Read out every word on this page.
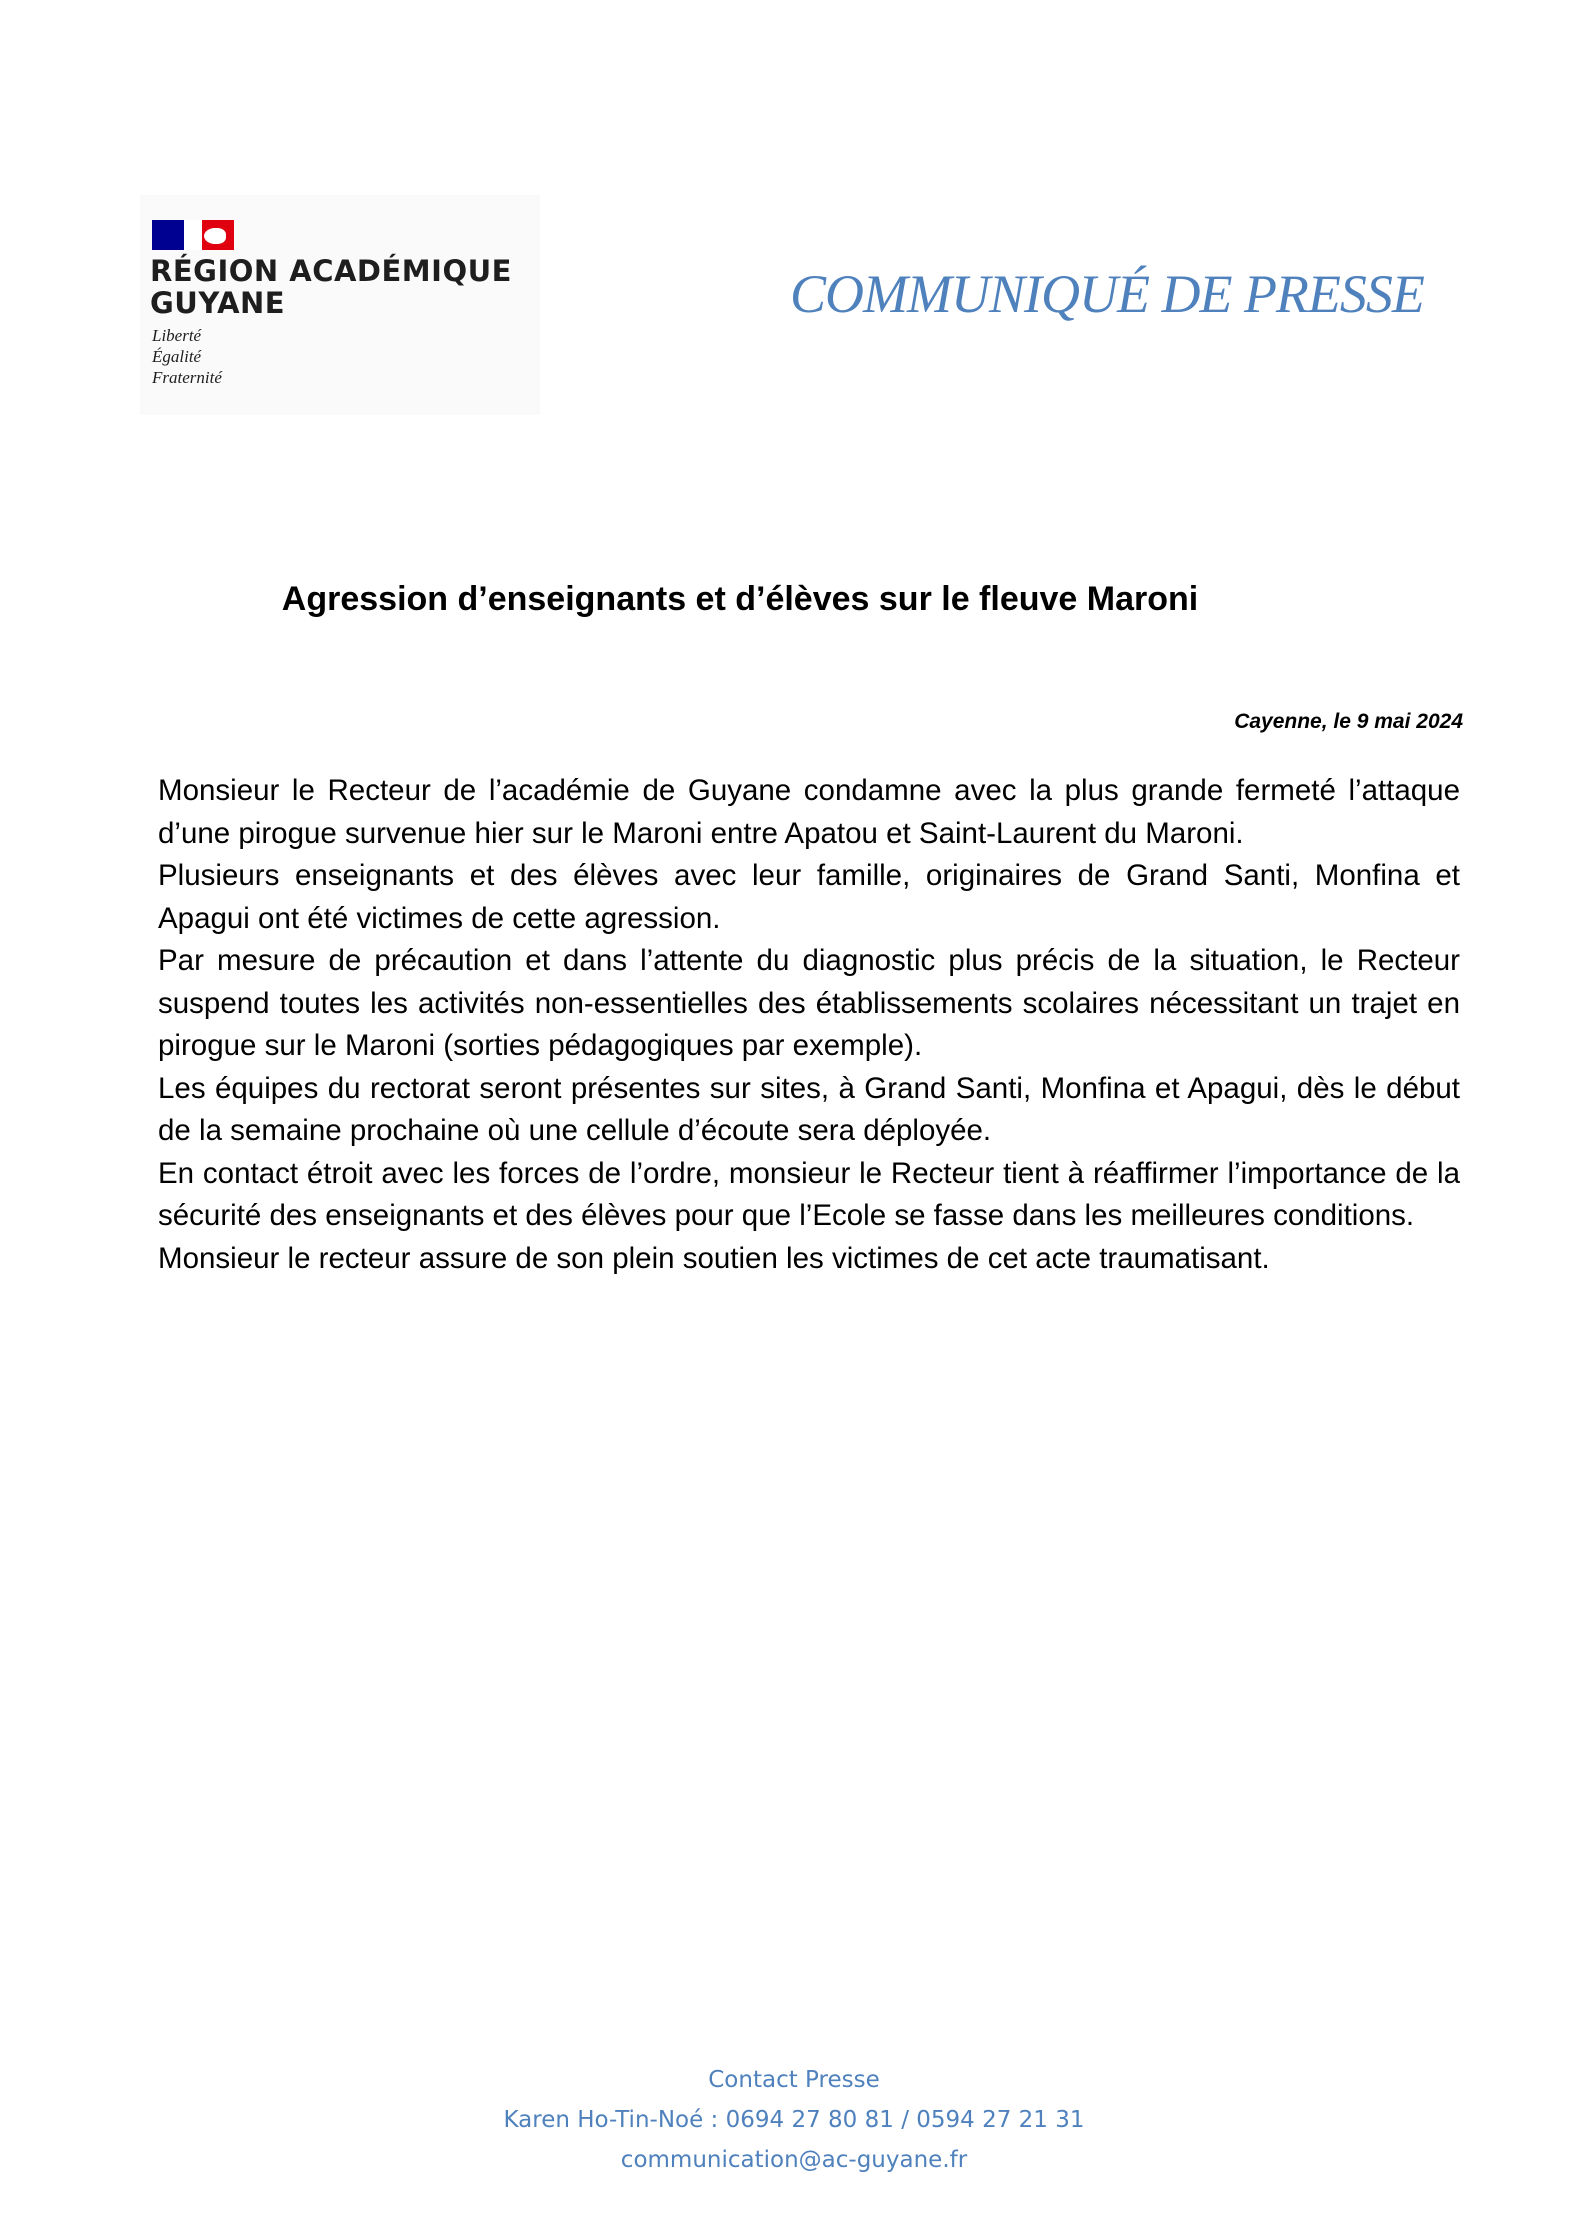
RÉGION ACADÉMIQUE
GUYANE
Liberté
Égalité
Fraternité
COMMUNIQUÉ DE PRESSE
Agression d’enseignants et d’élèves sur le fleuve Maroni
Cayenne, le 9 mai 2024

Monsieur le Recteur de l’académie de Guyane condamne avec la plus grande fermeté l’attaque d’une pirogue survenue hier sur le Maroni entre Apatou et Saint-Laurent du Maroni.

Plusieurs enseignants et des élèves avec leur famille, originaires de Grand Santi, Monfina et Apagui ont été victimes de cette agression.

Par mesure de précaution et dans l’attente du diagnostic plus précis de la situation, le Recteur suspend toutes les activités non-essentielles des établissements scolaires nécessitant un trajet en pirogue sur le Maroni (sorties pédagogiques par exemple).

Les équipes du rectorat seront présentes sur sites, à Grand Santi, Monfina et Apagui, dès le début de la semaine prochaine où une cellule d’écoute sera déployée.

En contact étroit avec les forces de l’ordre, monsieur le Recteur tient à réaffirmer l’importance de la sécurité des enseignants et des élèves pour que l’Ecole se fasse dans les meilleures conditions.

Monsieur le recteur assure de son plein soutien les victimes de cet acte traumatisant.

Contact Presse
Karen Ho-Tin-Noé : 0694 27 80 81 / 0594 27 21 31
communication@ac-guyane.fr
